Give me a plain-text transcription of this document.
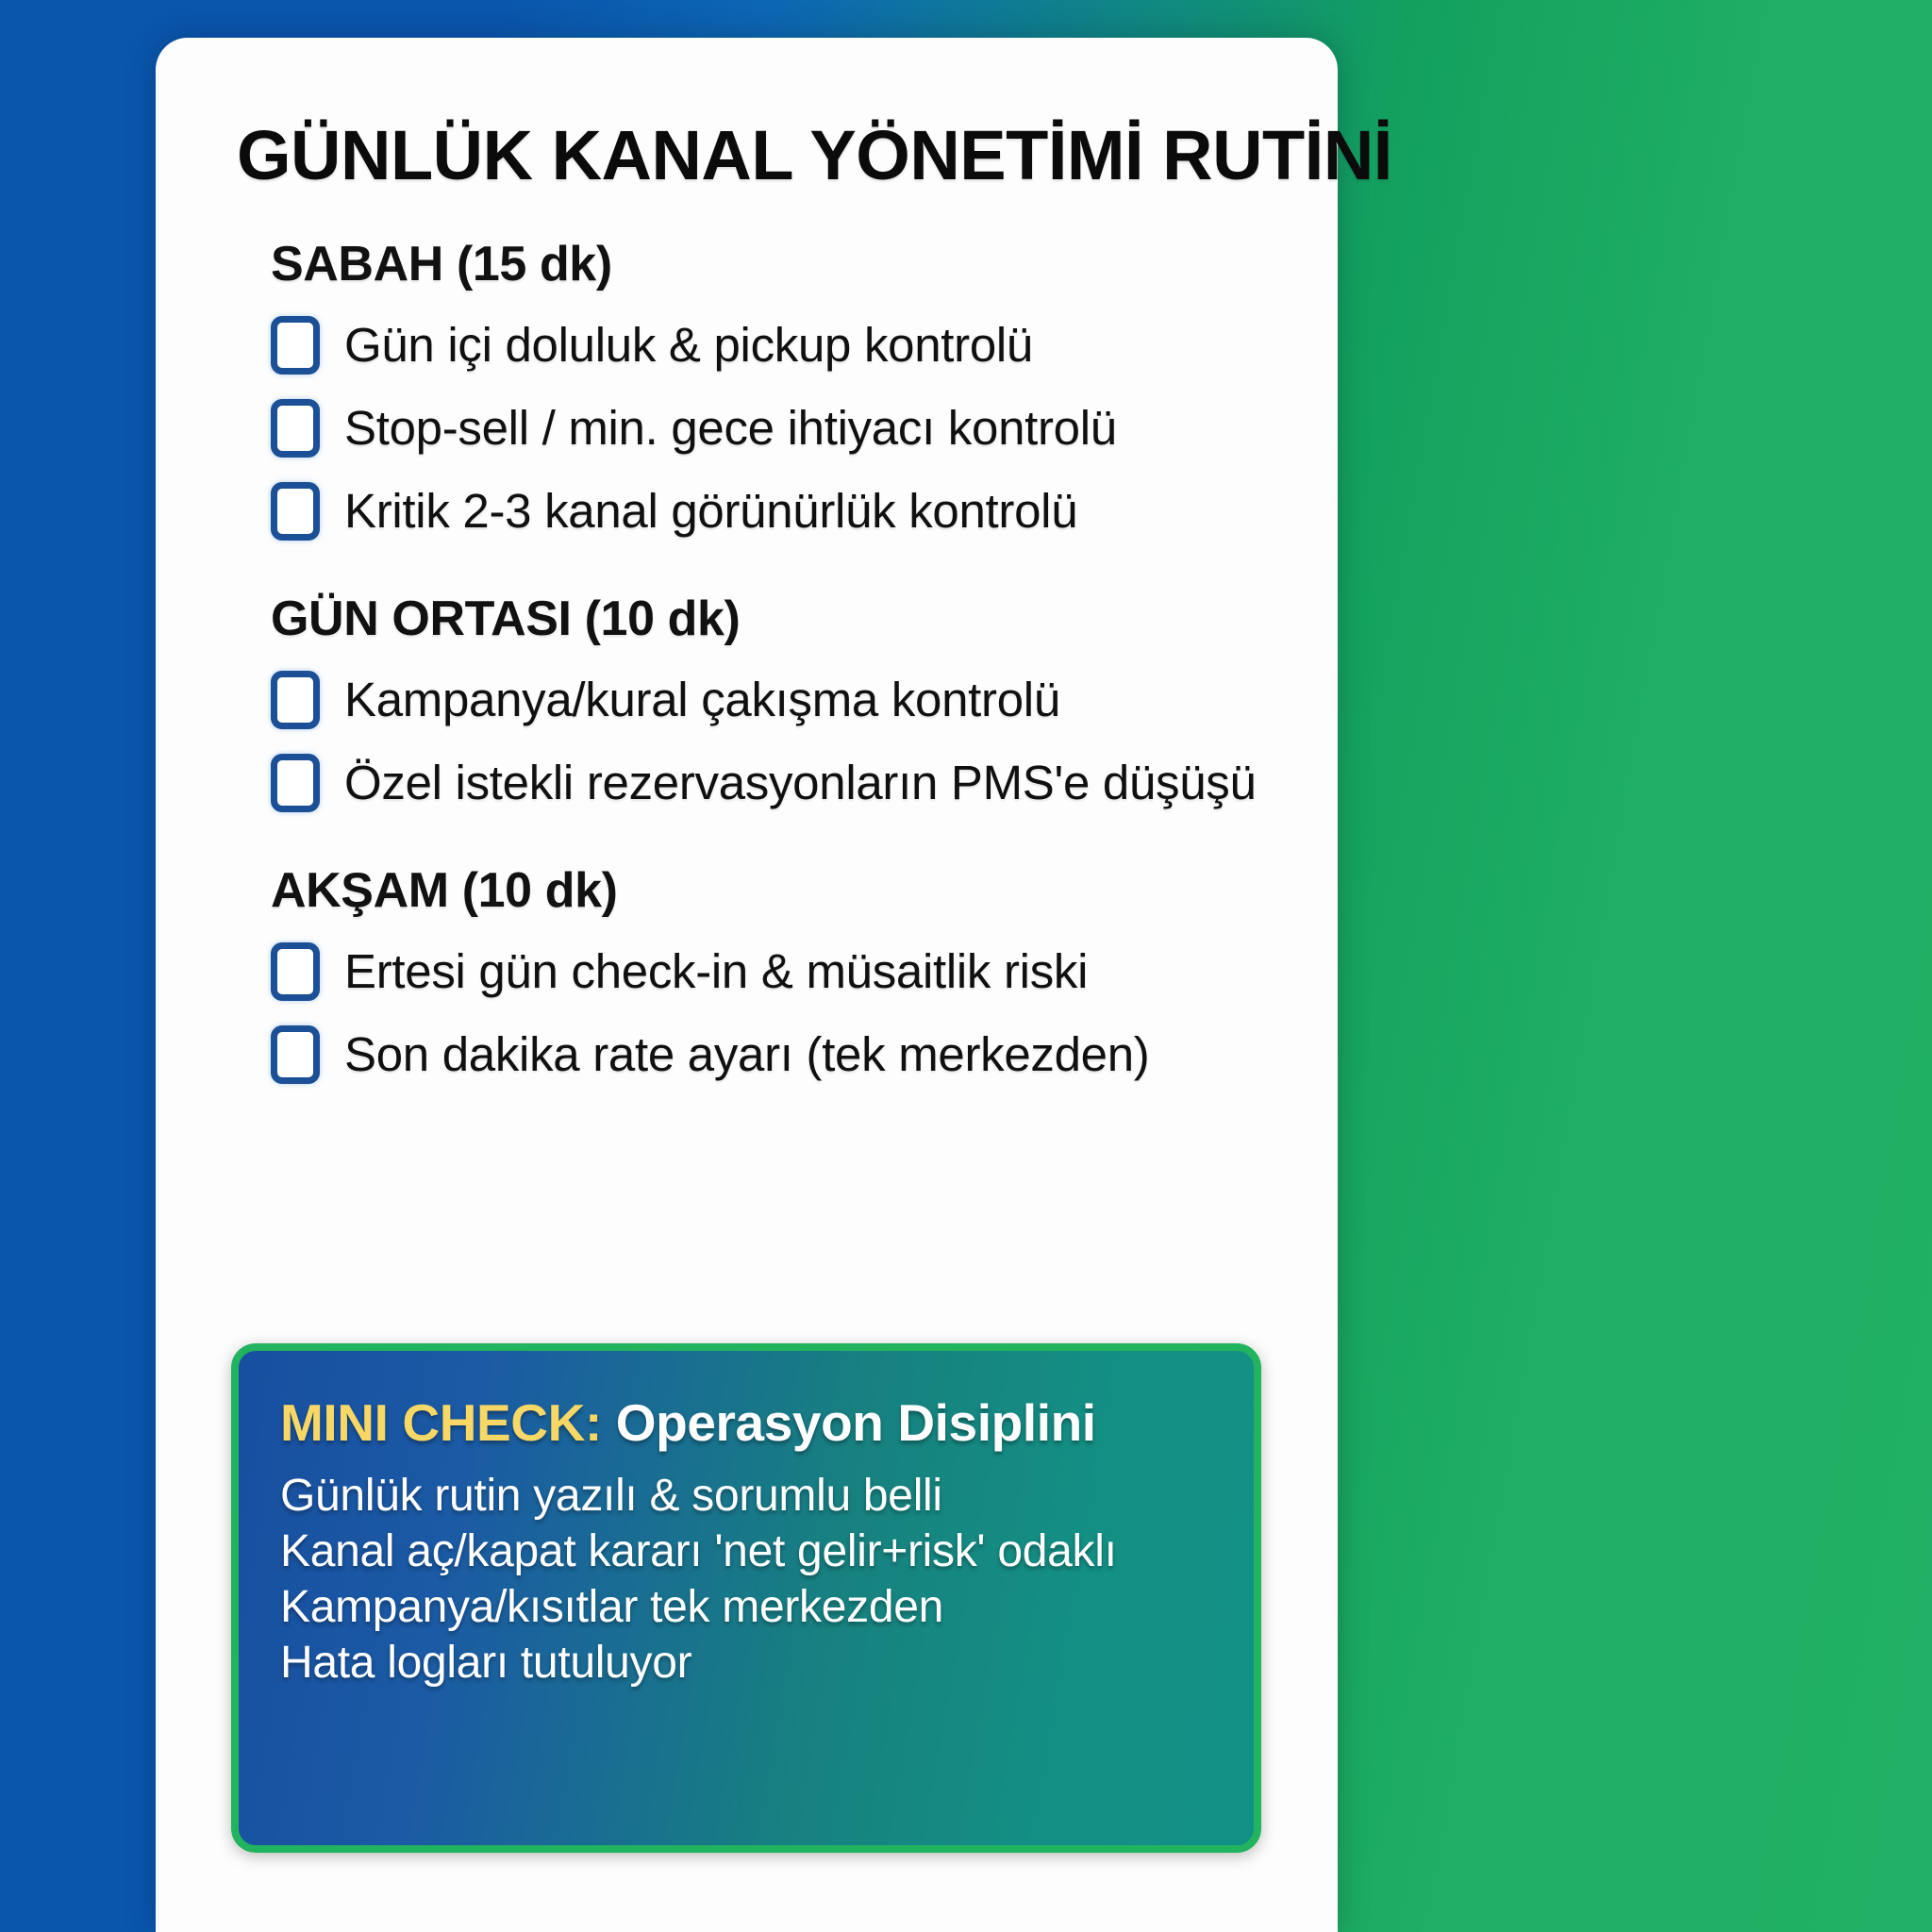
GÜNLÜK KANAL YÖNETİMİ RUTİNİ
SABAH (15 dk)
Gün içi doluluk & pickup kontrolü
Stop-sell / min. gece ihtiyacı kontrolü
Kritik 2-3 kanal görünürlük kontrolü
GÜN ORTASI (10 dk)
Kampanya/kural çakışma kontrolü
Özel istekli rezervasyonların PMS'e düşüşü
AKŞAM (10 dk)
Ertesi gün check-in & müsaitlik riski
Son dakika rate ayarı (tek merkezden)
MINI CHECK: Operasyon Disiplini
Günlük rutin yazılı & sorumlu belli
Kanal aç/kapat kararı 'net gelir+risk' odaklı
Kampanya/kısıtlar tek merkezden
Hata logları tutuluyor
